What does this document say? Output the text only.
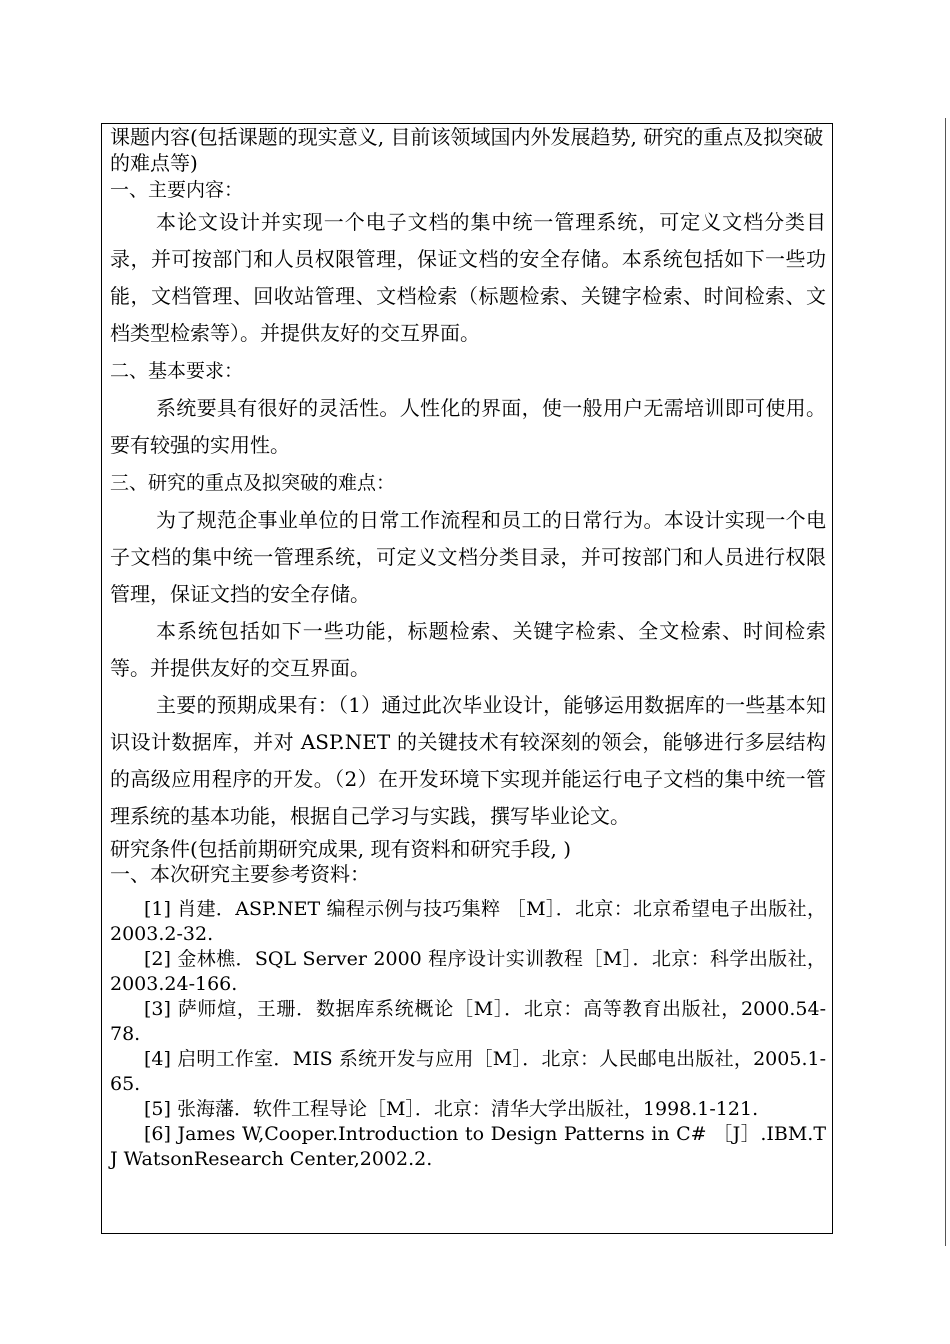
课题内容(包括课题的现实意义, 目前该领域国内外发展趋势, 研究的重点及拟突破的难点等)

一、主要内容：

本论文设计并实现一个电子文档的集中统一管理系统，可定义文档分类目录，并可按部门和人员权限管理，保证文档的安全存储。本系统包括如下一些功能，文档管理、回收站管理、文档检索（标题检索、关键字检索、时间检索、文档类型检索等）。并提供友好的交互界面。

二、基本要求：

系统要具有很好的灵活性。人性化的界面，使一般用户无需培训即可使用。要有较强的实用性。

三、研究的重点及拟突破的难点：

为了规范企事业单位的日常工作流程和员工的日常行为。本设计实现一个电子文档的集中统一管理系统，可定义文档分类目录，并可按部门和人员进行权限管理，保证文挡的安全存储。

本系统包括如下一些功能，标题检索、关键字检索、全文检索、时间检索等。并提供友好的交互界面。

主要的预期成果有：（1）通过此次毕业设计，能够运用数据库的一些基本知识设计数据库，并对 ASP.NET 的关键技术有较深刻的领会，能够进行多层结构的高级应用程序的开发。（2）在开发环境下实现并能运行电子文档的集中统一管理系统的基本功能，根据自己学习与实践，撰写毕业论文。

研究条件(包括前期研究成果, 现有资料和研究手段, )

一、本次研究主要参考资料：

[1] 肖建．ASP.NET 编程示例与技巧集粹 ［M］．北京：北京希望电子出版社，2003.2-32.

[2] 金林樵．SQL Server 2000 程序设计实训教程［M］．北京：科学出版社， 2003.24-166.

[3] 萨师煊，王珊．数据库系统概论［M］．北京：高等教育出版社，2000.54-78.

[4] 启明工作室．MIS 系统开发与应用［M］．北京：人民邮电出版社，2005.1-65.

[5] 张海藩．软件工程导论［M］．北京：清华大学出版社，1998.1-121.

[6] James W,Cooper.Introduction to Design Patterns in C# ［J］.IBM.T J WatsonResearch Center,2002.2.
